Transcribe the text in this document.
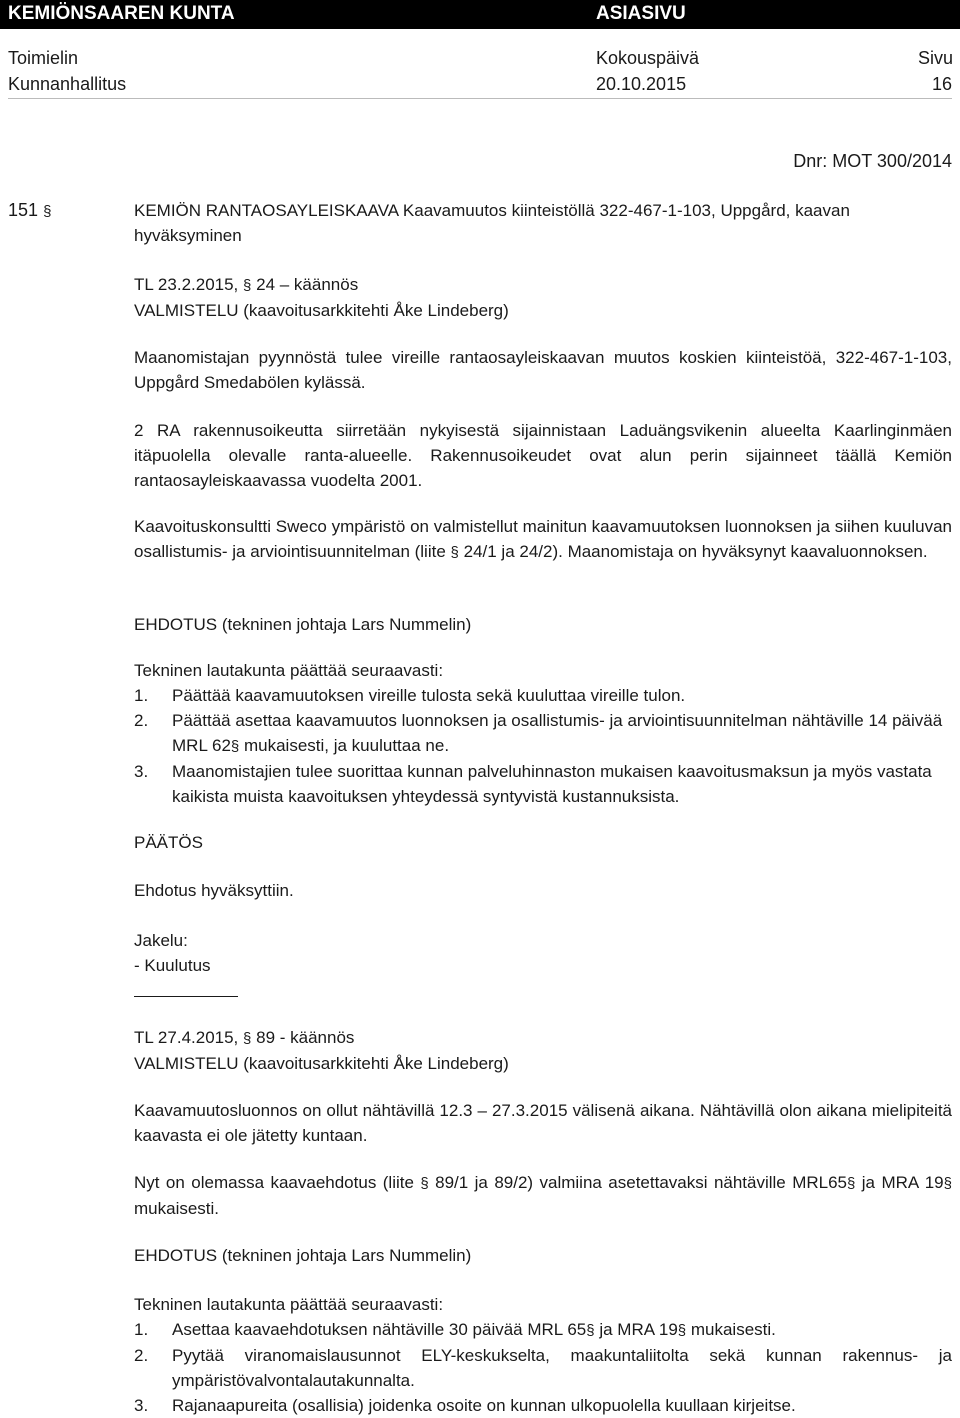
KEMIÖNSAAREN KUNTA	ASIASIVU
Toimielin	Kokouspäivä	Sivu
Kunnanhallitus	20.10.2015	16
Dnr: MOT 300/2014
151 §	KEMIÖN RANTAOSAYLEISKAAVA Kaavamuutos kiinteistöllä 322-467-1-103, Uppgård, kaavan
hyväksyminen
TL 23.2.2015, § 24 – käännös
VALMISTELU (kaavoitusarkkitehti Åke Lindeberg)
Maanomistajan pyynnöstä tulee vireille rantaosayleiskaavan muutos koskien kiinteistöä, 322-467-1-103, Uppgård Smedabölen kylässä.
2 RA rakennusoikeutta siirretään nykyisestä sijainnistaan Laduängsvikenin alueelta Kaarlinginmäen itäpuolella olevalle ranta-alueelle. Rakennusoikeudet ovat alun perin sijainneet täällä Kemiön rantaosayleiskaavassa vuodelta 2001.
Kaavoituskonsultti Sweco ympäristö on valmistellut mainitun kaavamuutoksen luonnoksen ja siihen kuuluvan osallistumis- ja arviointisuunnitelman (liite § 24/1 ja 24/2). Maanomistaja on hyväksynyt kaavaluonnoksen.
EHDOTUS (tekninen johtaja Lars Nummelin)
Tekninen lautakunta päättää seuraavasti:
1. Päättää kaavamuutoksen vireille tulosta sekä kuuluttaa vireille tulon.
2. Päättää asettaa kaavamuutos luonnoksen ja osallistumis- ja arviointisuunnitelman nähtäville 14 päivää MRL 62§ mukaisesti, ja kuuluttaa ne.
3. Maanomistajien tulee suorittaa kunnan palveluhinnaston mukaisen kaavoitusmaksun ja myös vastata kaikista muista kaavoituksen yhteydessä syntyvistä kustannuksista.
PÄÄTÖS
Ehdotus hyväksyttiin.
Jakelu:
- Kuulutus
TL 27.4.2015, § 89 - käännös
VALMISTELU (kaavoitusarkkitehti Åke Lindeberg)
Kaavamuutosluonnos on ollut nähtävillä 12.3 – 27.3.2015 välisenä aikana. Nähtävillä olon aikana mielipiteitä kaavasta ei ole jätetty kuntaan.
Nyt on olemassa kaavaehdotus (liite § 89/1 ja 89/2) valmiina asetettavaksi nähtäville MRL65§ ja MRA 19§ mukaisesti.
EHDOTUS (tekninen johtaja Lars Nummelin)
Tekninen lautakunta päättää seuraavasti:
1. Asettaa kaavaehdotuksen nähtäville 30 päivää MRL 65§ ja MRA 19§ mukaisesti.
2. Pyytää viranomaislausunnot ELY-keskukselta, maakuntaliitolta sekä kunnan rakennus- ja ympäristövalvontalautakunnalta.
3. Rajanaapureita (osallisia) joidenka osoite on kunnan ulkopuolella kuullaan kirjeitse.
